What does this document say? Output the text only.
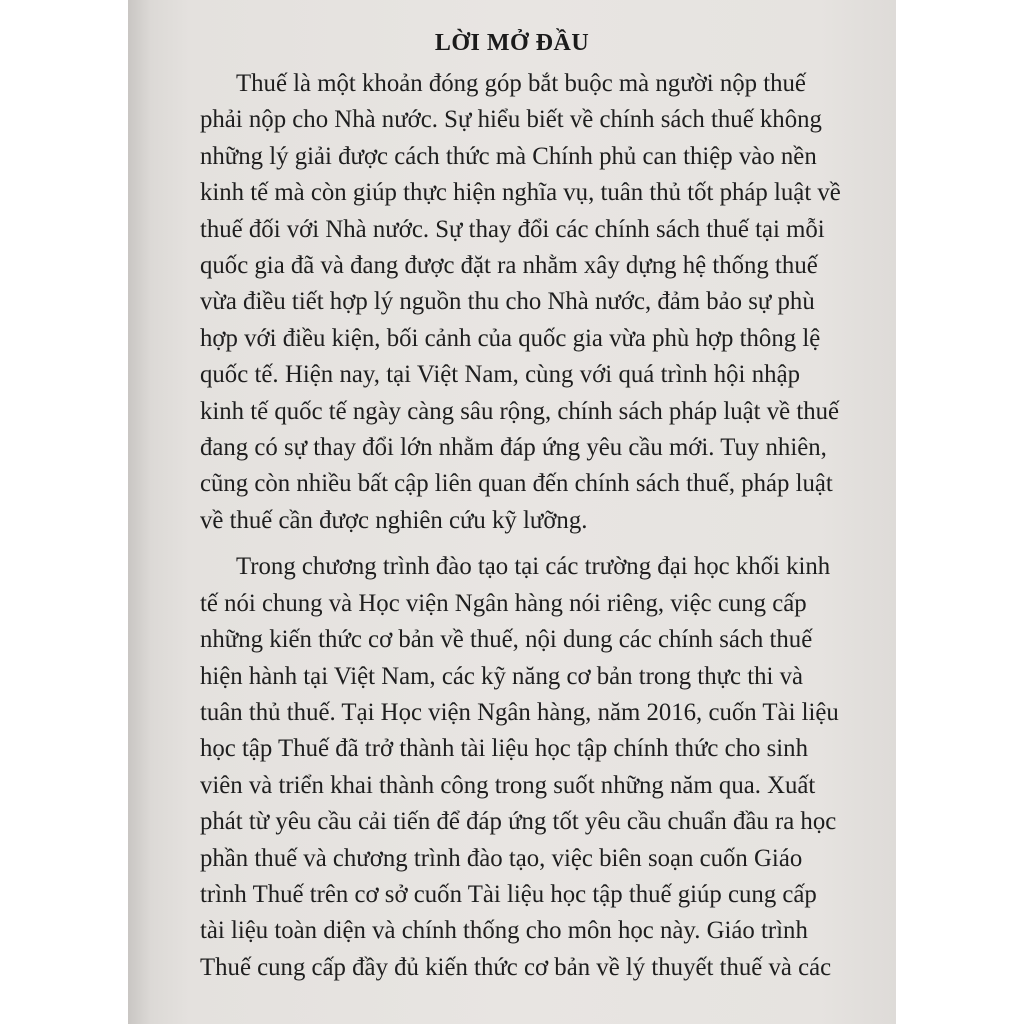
LỜI MỞ ĐẦU

Thuế là một khoản đóng góp bắt buộc mà người nộp thuế
phải nộp cho Nhà nước. Sự hiểu biết về chính sách thuế không
những lý giải được cách thức mà Chính phủ can thiệp vào nền
kinh tế mà còn giúp thực hiện nghĩa vụ, tuân thủ tốt pháp luật về
thuế đối với Nhà nước. Sự thay đổi các chính sách thuế tại mỗi
quốc gia đã và đang được đặt ra nhằm xây dựng hệ thống thuế
vừa điều tiết hợp lý nguồn thu cho Nhà nước, đảm bảo sự phù
hợp với điều kiện, bối cảnh của quốc gia vừa phù hợp thông lệ
quốc tế. Hiện nay, tại Việt Nam, cùng với quá trình hội nhập
kinh tế quốc tế ngày càng sâu rộng, chính sách pháp luật về thuế
đang có sự thay đổi lớn nhằm đáp ứng yêu cầu mới. Tuy nhiên,
cũng còn nhiều bất cập liên quan đến chính sách thuế, pháp luật
về thuế cần được nghiên cứu kỹ lưỡng.

Trong chương trình đào tạo tại các trường đại học khối kinh
tế nói chung và Học viện Ngân hàng nói riêng, việc cung cấp
những kiến thức cơ bản về thuế, nội dung các chính sách thuế
hiện hành tại Việt Nam, các kỹ năng cơ bản trong thực thi và
tuân thủ thuế. Tại Học viện Ngân hàng, năm 2016, cuốn Tài liệu
học tập Thuế đã trở thành tài liệu học tập chính thức cho sinh
viên và triển khai thành công trong suốt những năm qua. Xuất
phát từ yêu cầu cải tiến để đáp ứng tốt yêu cầu chuẩn đầu ra học
phần thuế và chương trình đào tạo, việc biên soạn cuốn Giáo
trình Thuế trên cơ sở cuốn Tài liệu học tập thuế giúp cung cấp
tài liệu toàn diện và chính thống cho môn học này. Giáo trình
Thuế cung cấp đầy đủ kiến thức cơ bản về lý thuyết thuế và các
